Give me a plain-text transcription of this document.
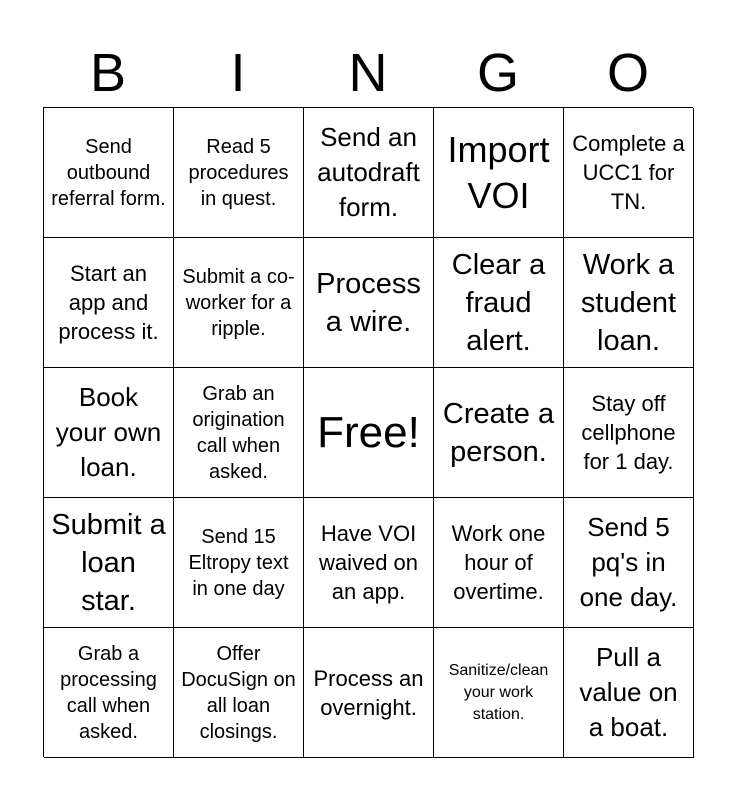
B	I	N	G	O
Send outbound referral form.
Read 5 procedures in quest.
Send an autodraft form.
Import VOI
Complete a UCC1 for TN.
Start an app and process it.
Submit a co-worker for a ripple.
Process a wire.
Clear a fraud alert.
Work a student loan.
Book your own loan.
Grab an origination call when asked.
Free! Create a person.
Stay off cellphone for 1 day.
Submit a loan star.
Send 15 Eltropy text in one day
Have VOI waived on an app.
Work one hour of overtime.
Send 5 pq's in one day.
Grab a processing call when asked.
Offer DocuSign on all loan closings.
Process an overnight.
Sanitize/clean your work station.
Pull a value on a boat.
